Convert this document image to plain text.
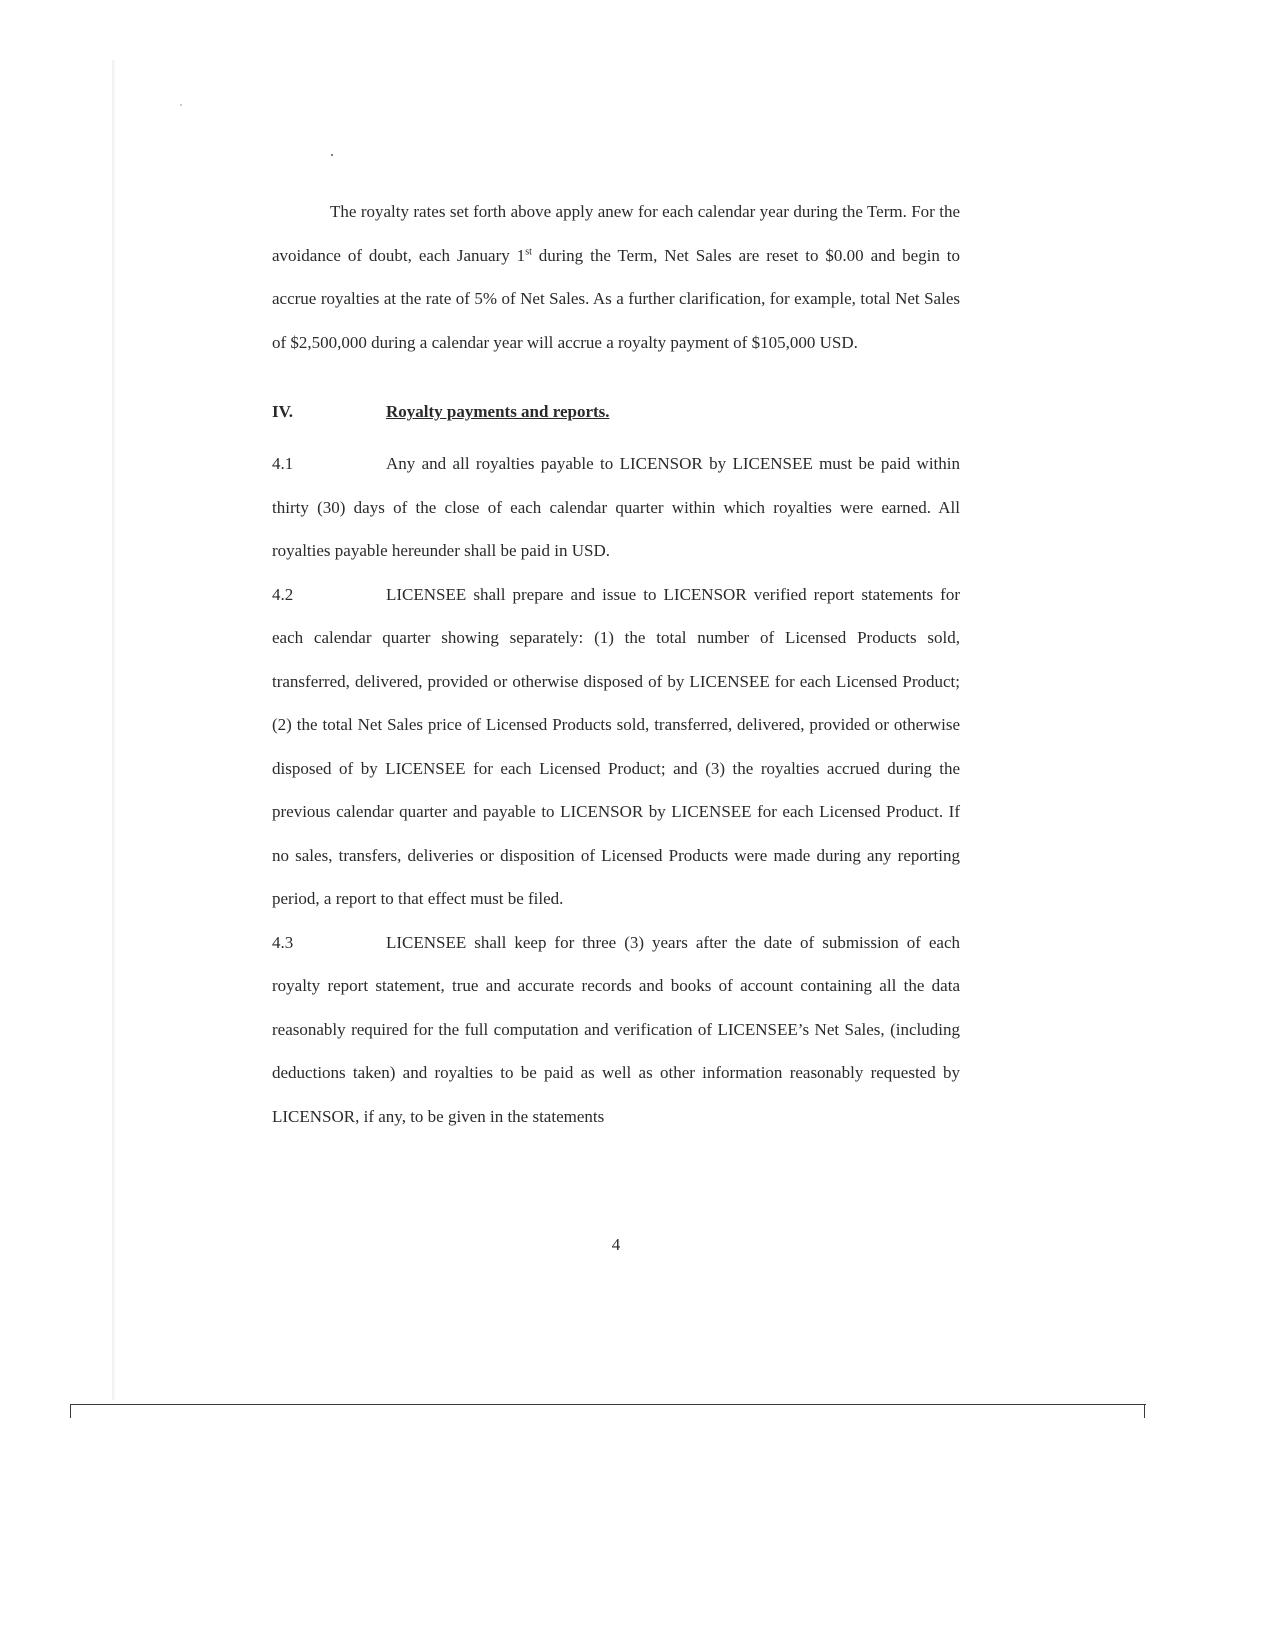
The royalty rates set forth above apply anew for each calendar year during the Term. For the avoidance of doubt, each January 1st during the Term, Net Sales are reset to $0.00 and begin to accrue royalties at the rate of 5% of Net Sales. As a further clarification, for example, total Net Sales of $2,500,000 during a calendar year will accrue a royalty payment of $105,000 USD.

IV.	Royalty payments and reports.

4.1	Any and all royalties payable to LICENSOR by LICENSEE must be paid within thirty (30) days of the close of each calendar quarter within which royalties were earned. All royalties payable hereunder shall be paid in USD.

4.2	LICENSEE shall prepare and issue to LICENSOR verified report statements for each calendar quarter showing separately: (1) the total number of Licensed Products sold, transferred, delivered, provided or otherwise disposed of by LICENSEE for each Licensed Product; (2) the total Net Sales price of Licensed Products sold, transferred, delivered, provided or otherwise disposed of by LICENSEE for each Licensed Product; and (3) the royalties accrued during the previous calendar quarter and payable to LICENSOR by LICENSEE for each Licensed Product. If no sales, transfers, deliveries or disposition of Licensed Products were made during any reporting period, a report to that effect must be filed.

4.3	LICENSEE shall keep for three (3) years after the date of submission of each royalty report statement, true and accurate records and books of account containing all the data reasonably required for the full computation and verification of LICENSEE’s Net Sales, (including deductions taken) and royalties to be paid as well as other information reasonably requested by LICENSOR, if any, to be given in the statements

4
